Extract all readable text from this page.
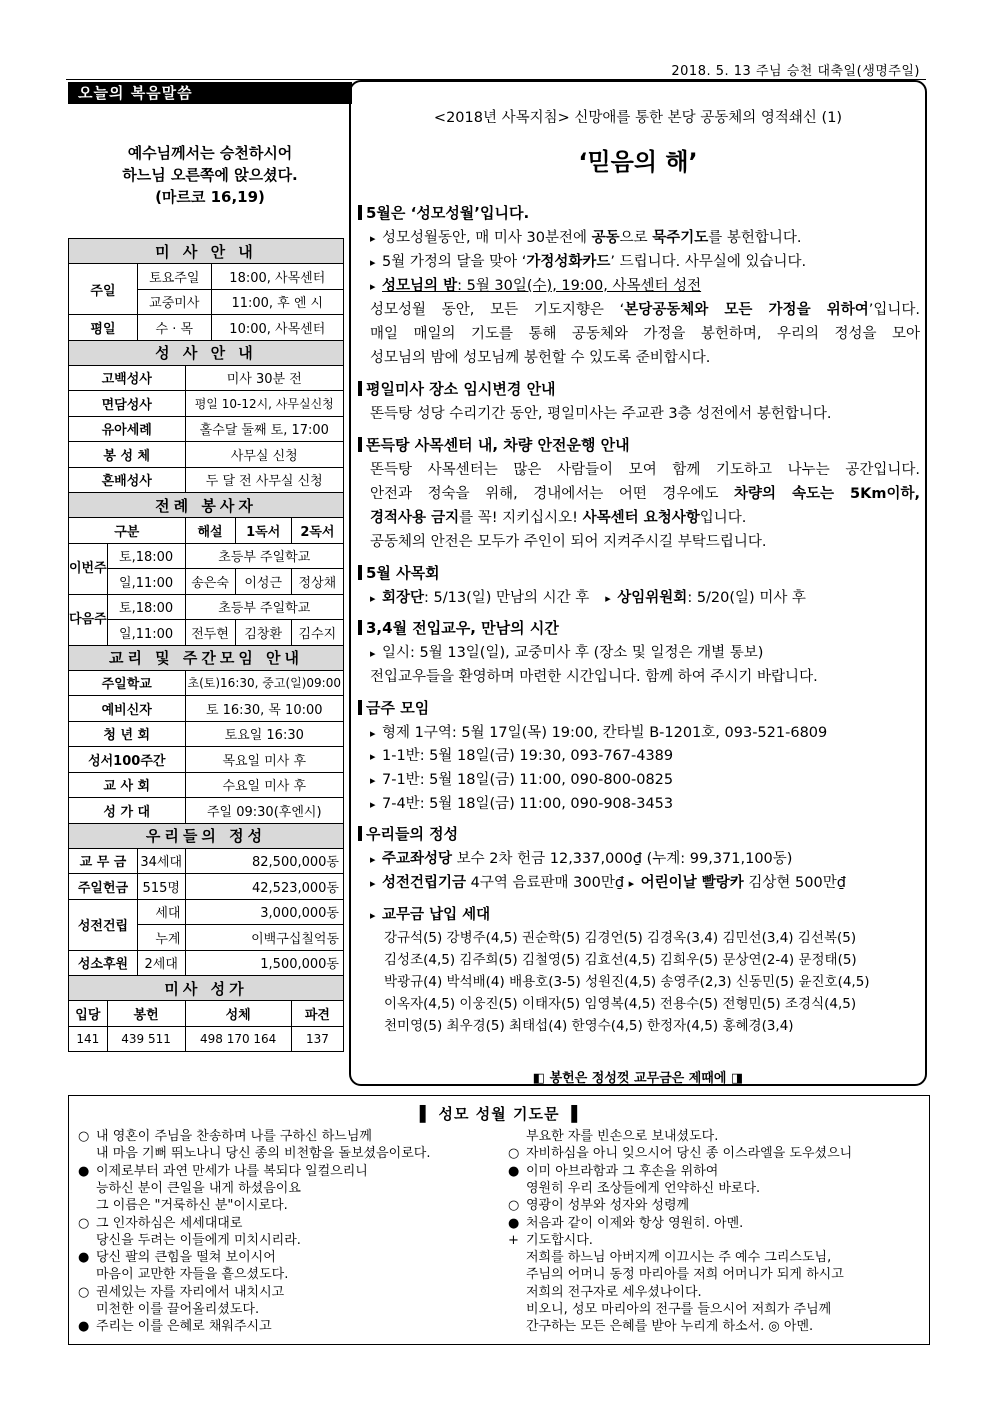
2018. 5. 13 주님 승천 대축일(생명주일)
오늘의 복음말씀
예수님께서는 승천하시어
하느님 오른쪽에 앉으셨다.
(마르코 16,19)
미 사 안 내						
주일		토요주일		18:00, 사목센터		
		교중미사		11:00, 후 엔 시		
평일		수 · 목		10:00, 사목센터		
성 사 안 내						
고백성사			미사 30분 전			
면담성사			평일 10-12시, 사무실신청			
유아세례			홀수달 둘째 토, 17:00			
봉 성 체			사무실 신청			
혼배성사			두 달 전 사무실 신청			
전례 봉사자						
구분			해설		1독서	2독서
이번주	토,18:00		초등부 주일학교			
	일,11:00		송은숙		이성근	정상채
다음주	토,18:00		초등부 주일학교			
	일,11:00		전두현		김창환	김수지
교리 및 주간모임 안내						
주일학교			초(토)16:30, 중고(일)09:00			
예비신자			토 16:30, 목 10:00			
청 년 회			토요일 16:30			
성서100주간			목요일 미사 후			
교 사 회			수요일 미사 후			
성 가 대			주일 09:30(후엔시)			
우리들의 정성						
교 무 금		34세대	82,500,000동			
주일헌금		515명	42,523,000동			
성전건립		세대	3,000,000동			
		누계	이백구십칠억동			
성소후원		2세대	1,500,000동			
미사 성가						
입당	봉헌		성체			파견
141	439 511		498 170 164			137
<2018년 사목지침> 신망애를 통한 본당 공동체의 영적쇄신 (1)
‘믿음의 해’
5월은 ‘성모성월’입니다.
▸ 성모성월동안, 매 미사 30분전에 공동으로 묵주기도를 봉헌합니다.
▸ 5월 가정의 달을 맞아 ‘가정성화카드’ 드립니다. 사무실에 있습니다.
▸ 성모님의 밤: 5월 30일(수), 19:00, 사목센터 성전
성모성월 동안, 모든 기도지향은 ‘본당공동체와 모든 가정을 위하여’입니다.
매일 매일의 기도를 통해 공동체와 가정을 봉헌하며, 우리의 정성을 모아
성모님의 밤에 성모님께 봉헌할 수 있도록 준비합시다.
평일미사 장소 임시변경 안내
똔득탕 성당 수리기간 동안, 평일미사는 주교관 3층 성전에서 봉헌합니다.
똔득탕 사목센터 내, 차량 안전운행 안내
똔득탕 사목센터는 많은 사람들이 모여 함께 기도하고 나누는 공간입니다.
안전과 정숙을 위해, 경내에서는 어떤 경우에도 차량의 속도는 5Km이하,
경적사용 금지를 꼭! 지키십시오! 사목센터 요청사항입니다.
공동체의 안전은 모두가 주인이 되어 지켜주시길 부탁드립니다.
5월 사목회
▸ 회장단: 5/13(일) 만남의 시간 후 ▸ 상임위원회: 5/20(일) 미사 후
3,4월 전입교우, 만남의 시간
▸ 일시: 5월 13일(일), 교중미사 후 (장소 및 일정은 개별 통보)
전입교우들을 환영하며 마련한 시간입니다. 함께 하여 주시기 바랍니다.
금주 모임
▸ 형제 1구역: 5월 17일(목) 19:00, 칸타빌 B-1201호, 093-521-6809
▸ 1-1반: 5월 18일(금) 19:30, 093-767-4389
▸ 7-1반: 5월 18일(금) 11:00, 090-800-0825
▸ 7-4반: 5월 18일(금) 11:00, 090-908-3453
우리들의 정성
▸ 주교좌성당 보수 2차 헌금 12,337,000₫ (누계: 99,371,100동)
▸ 성전건립기금 4구역 음료판매 300만₫ ▸ 어린이날 빨랑카 김상현 500만₫
▸ 교무금 납입 세대
강규석(5) 강병주(4,5) 권순학(5) 김경언(5) 김경옥(3,4) 김민선(3,4) 김선복(5)
김성조(4,5) 김주희(5) 김철영(5) 김효선(4,5) 김희우(5) 문상연(2-4) 문정태(5)
박광규(4) 박석배(4) 배용호(3-5) 성원진(4,5) 송영주(2,3) 신동민(5) 윤진호(4,5)
이옥자(4,5) 이웅진(5) 이태자(5) 임영복(4,5) 전용수(5) 전형민(5) 조경식(4,5)
천미영(5) 최우경(5) 최태섭(4) 한영수(4,5) 한정자(4,5) 홍혜경(3,4)
◧ 봉헌은 정성껏 교무금은 제때에 ◨
▌ 성모 성월 기도문 ▐
○ 내 영혼이 주님을 찬송하며 나를 구하신 하느님께
내 마음 기뻐 뛰노나니 당신 종의 비천함을 돌보셨음이로다.
● 이제로부터 과연 만세가 나를 복되다 일컬으리니
능하신 분이 큰일을 내게 하셨음이요
그 이름은 "거룩하신 분"이시로다.
○ 그 인자하심은 세세대대로
당신을 두려는 이들에게 미치시리라.
● 당신 팔의 큰힘을 떨쳐 보이시어
마음이 교만한 자들을 흩으셨도다.
○ 권세있는 자를 자리에서 내치시고
미천한 이를 끌어올리셨도다.
● 주리는 이를 은혜로 채워주시고
부요한 자를 빈손으로 보내셨도다.
○ 자비하심을 아니 잊으시어 당신 종 이스라엘을 도우셨으니
● 이미 아브라함과 그 후손을 위하여
영원히 우리 조상들에게 언약하신 바로다.
○ 영광이 성부와 성자와 성령께
● 처음과 같이 이제와 항상 영원히. 아멘.
+ 기도합시다.
저희를 하느님 아버지께 이끄시는 주 예수 그리스도님,
주님의 어머니 동정 마리아를 저희 어머니가 되게 하시고
저희의 전구자로 세우셨나이다.
비오니, 성모 마리아의 전구를 들으시어 저희가 주님께
간구하는 모든 은혜를 받아 누리게 하소서. ◎ 아멘.
